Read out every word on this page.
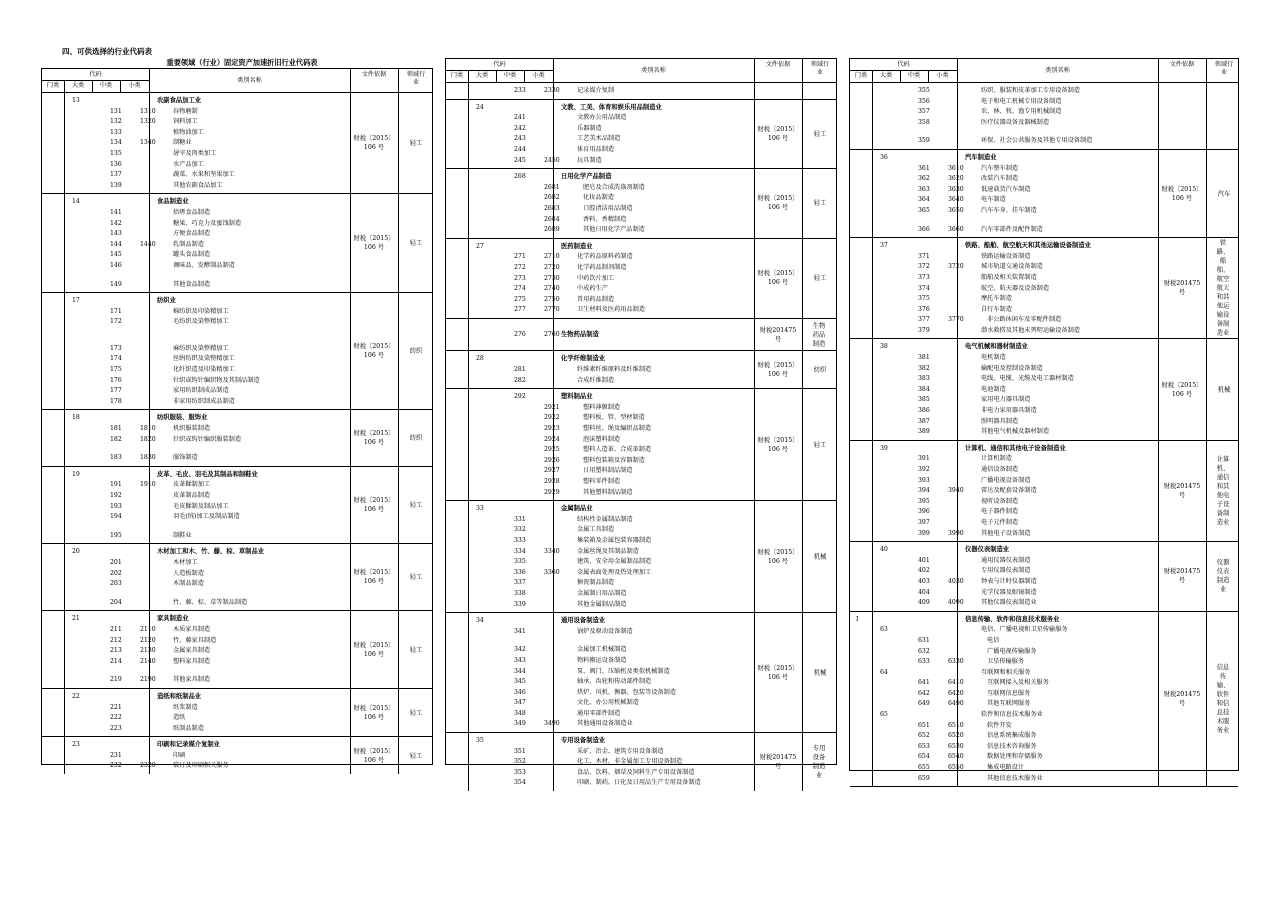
四、可供选择的行业代码表
重要领域（行业）固定资产加速折旧行业代码表
代码
门类	大类	中类	小类
类别名称
文件依据	领域行业
13	农副食品加工业
131	1310	谷物磨制
132	1320	饲料加工
133	植物油加工
134	1340	制糖业
135	屠宰及肉类加工
136	水产品加工
137	蔬菜、水果和坚果加工
139	其他农副食品加工
财税〔2015〕106 号
轻工
14	食品制造业
141	焙烤食品制造
142	糖果、巧克力及蜜饯制造
143	方便食品制造
144	1440	乳制品制造
145	罐头食品制造
146	调味品、发酵制品制造
149	其他食品制造
财税〔2015〕106 号
轻工
17	纺织业
171	棉纺织及印染精加工
172	毛纺织及染整精加工
173	麻纺织及染整精加工
174	丝绢纺织及染整精加工
175	化纤织造及印染精加工
176	针织或钩针编织物及其制品制造
177	家用纺织制成品制造
178	非家用纺织制成品制造
财税〔2015〕106 号
纺织
18	纺织服装、服饰业
181	1810	机织服装制造
182	1820	针织或钩针编织服装制造
183	1830	服饰制造
财税〔2015〕106 号
纺织
19	皮革、毛皮、羽毛及其制品和制鞋业
191	1910	皮革鞣制加工
192	皮革制品制造
193	毛皮鞣制及制品加工
194	羽毛(绒)加工及制品制造
195	制鞋业
财税〔2015〕106 号
轻工
20	木材加工和木、竹、藤、棕、草制品业
201	木材加工
202	人造板制造
203	木制品制造
204	竹、藤、棕、草等制品制造
财税〔2015〕106 号
轻工
21	家具制造业
211	2110	木质家具制造
212	2120	竹、藤家具制造
213	2130	金属家具制造
214	2140	塑料家具制造
219	2190	其他家具制造
财税〔2015〕106 号
轻工
22	造纸和纸制品业
221	纸浆制造
222	造纸
223	纸制品制造
财税〔2015〕106 号
轻工
23	印刷和记录媒介复制业
231	印刷
232	2320	装订及印刷相关服务
财税〔2015〕106 号
轻工
代码
门类	大类	中类	小类
类别名称
文件依据	领域行业
233	2330	记录媒介复制
24	文教、工美、体育和娱乐用品制造业
241	文教办公用品制造
242	乐器制造
243	工艺美术品制造
244	体育用品制造
245	2450	玩具制造
财税〔2015〕106 号
轻工
268	日用化学产品制造
2681	肥皂及合成洗涤剂制造
2682	化妆品制造
2683	口腔清洁用品制造
2684	香料、香精制造
2689	其他日用化学产品制造
财税〔2015〕106 号
轻工
27	医药制造业
271	2710	化学药品原料药制造
272	2720	化学药品制剂制造
273	2730	中药饮片加工
274	2740	中成药生产
275	2750	兽用药品制造
277	2770	卫生材料及医药用品制造
财税〔2015〕106 号
轻工
276	2760 生物药品制造
财税201475 号
生物药品制造
28	化学纤维制造业
281	纤维素纤维原料及纤维制造
282	合成纤维制造
财税〔2015〕106 号
纺织
292	塑料制品业
2921	塑料薄膜制造
2922	塑料板、管、型材制造
2923	塑料丝、绳及编织品制造
2924	泡沫塑料制造
2925	塑料人造革、合成革制造
2926	塑料包装箱及容器制造
2927	日用塑料制品制造
2928	塑料零件制造
2929	其他塑料制品制造
财税〔2015〕106 号
轻工
33	金属制品业
331	结构性金属制品制造
332	金属工具制造
333	集装箱及金属包装容器制造
334	3340	金属丝绳及其制品制造
335	建筑、安全用金属制品制造
336	3360	金属表面处理及热处理加工
337	搪瓷制品制造
338	金属制日用品制造
339	其他金属制品制造
财税〔2015〕106 号
机械
34	通用设备制造业
341	锅炉及原动设备制造
342	金属加工机械制造
343	物料搬运设备制造
344	泵、阀门、压缩机及类似机械制造
345	轴承、齿轮和传动部件制造
346	烘炉、风机、衡器、包装等设备制造
347	文化、办公用机械制造
348	通用零部件制造
349	3490	其他通用设备制造业
财税〔2015〕106 号
机械
35	专用设备制造业
351	采矿、冶金、建筑专用设备制造
352	化工、木材、非金属加工专用设备制造
353	食品、饮料、烟草及饲料生产专用设备制造
354	印刷、制药、日化及日用品生产专用设备制造
财税201475 号
专用设备制造业
代码
门类	大类	中类	小类
类别名称
文件依据	领域行业
355	纺织、服装和皮革加工专用设备制造
356	电子和电工机械专用设备制造
357	农、林、牧、渔专用机械制造
358	医疗仪器设备及器械制造
359	环保、社会公共服务及其他专用设备制造
36	汽车制造业
361	3610	汽车整车制造
362	3620	改装汽车制造
363	3630	低速载货汽车制造
364	3640	电车制造
365	3650	汽车车身、挂车制造
366	3660	汽车零部件及配件制造
财税〔2015〕106 号
汽车
37	铁路、船舶、航空航天和其他运输设备制造业
371	铁路运输设备制造
372	3720	城市轨道交通设备制造
373	船舶及相关装置制造
374	航空、航天器及设备制造
375	摩托车制造
376	自行车制造
377	3770	非公路休闲车及零配件制造
379	潜水救捞及其他未列明运输设备制造
财税201475 号
铁路、船舶、航空航天和其他运输设备制造业
38	电气机械和器材制造业
381	电机制造
382	输配电及控制设备制造
383	电线、电缆、光缆及电工器材制造
384	电池制造
385	家用电力器具制造
386	非电力家用器具制造
387	照明器具制造
389	其他电气机械及器材制造
财税〔2015〕106 号
机械
39	计算机、通信和其他电子设备制造业
391	计算机制造
392	通信设备制造
393	广播电视设备制造
394	3940	雷达及配套设备制造
395	视听设备制造
396	电子器件制造
397	电子元件制造
399	3990	其他电子设备制造
财税201475 号
计算机、通信和其他电子设备制造业
40	仪器仪表制造业
401	通用仪器仪表制造
402	专用仪器仪表制造
403	4030	钟表与计时仪器制造
404	光学仪器及眼镜制造
409	4090	其他仪器仪表制造业
财税201475 号
仪器仪表制造业
I	信息传输、软件和信息技术服务业
63	电信、广播电视和卫星传输服务
631	电信
632	广播电视传输服务
633	6330	卫星传输服务
64	互联网和相关服务
641	6410	互联网接入及相关服务
642	6420	互联网信息服务
649	6490	其他互联网服务
65	软件和信息技术服务业
651	6510	软件开发
652	6520	信息系统集成服务
653	6530	信息技术咨询服务
654	6540	数据处理和存储服务
655	6550	集成电路设计
659	其他信息技术服务业
财税201475 号
信息传输、软件和信息技术服务业
